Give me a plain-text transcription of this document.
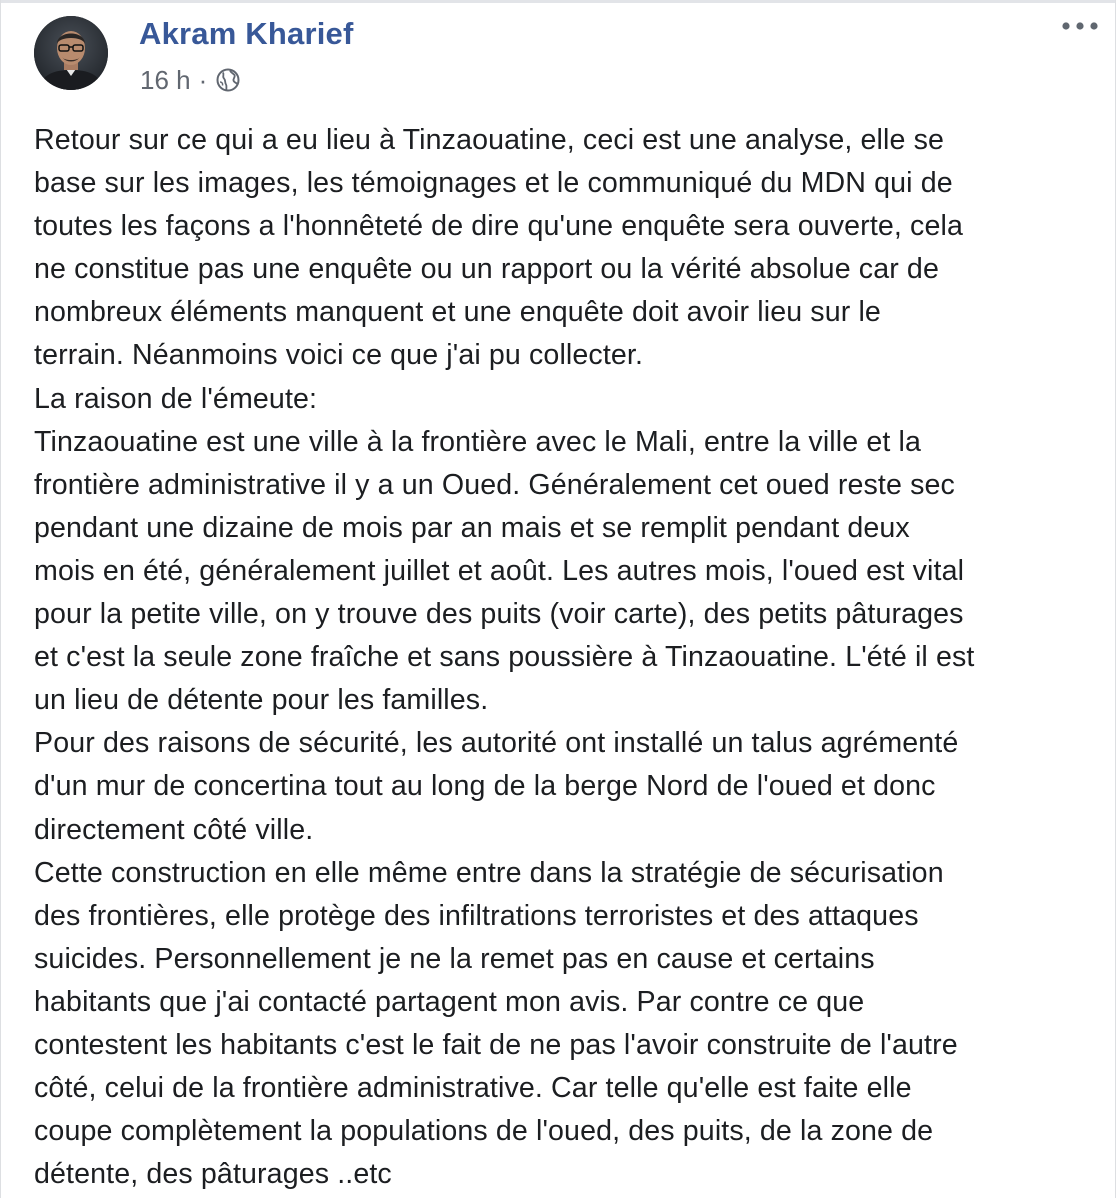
Akram Kharief
16 h ·
Retour sur ce qui a eu lieu à Tinzaouatine, ceci est une analyse, elle se
base sur les images, les témoignages et le communiqué du MDN qui de
toutes les façons a l'honnêteté de dire qu'une enquête sera ouverte, cela
ne constitue pas une enquête ou un rapport ou la vérité absolue car de
nombreux éléments manquent et une enquête doit avoir lieu sur le
terrain. Néanmoins voici ce que j'ai pu collecter.
La raison de l'émeute:
Tinzaouatine est une ville à la frontière avec le Mali, entre la ville et la
frontière administrative il y a un Oued. Généralement cet oued reste sec
pendant une dizaine de mois par an mais et se remplit pendant deux
mois en été, généralement juillet et août. Les autres mois, l'oued est vital
pour la petite ville, on y trouve des puits (voir carte), des petits pâturages
et c'est la seule zone fraîche et sans poussière à Tinzaouatine. L'été il est
un lieu de détente pour les familles.
Pour des raisons de sécurité, les autorité ont installé un talus agrémenté
d'un mur de concertina tout au long de la berge Nord de l'oued et donc
directement côté ville.
Cette construction en elle même entre dans la stratégie de sécurisation
des frontières, elle protège des infiltrations terroristes et des attaques
suicides. Personnellement je ne la remet pas en cause et certains
habitants que j'ai contacté partagent mon avis. Par contre ce que
contestent les habitants c'est le fait de ne pas l'avoir construite de l'autre
côté, celui de la frontière administrative. Car telle qu'elle est faite elle
coupe complètement la populations de l'oued, des puits, de la zone de
détente, des pâturages ..etc
